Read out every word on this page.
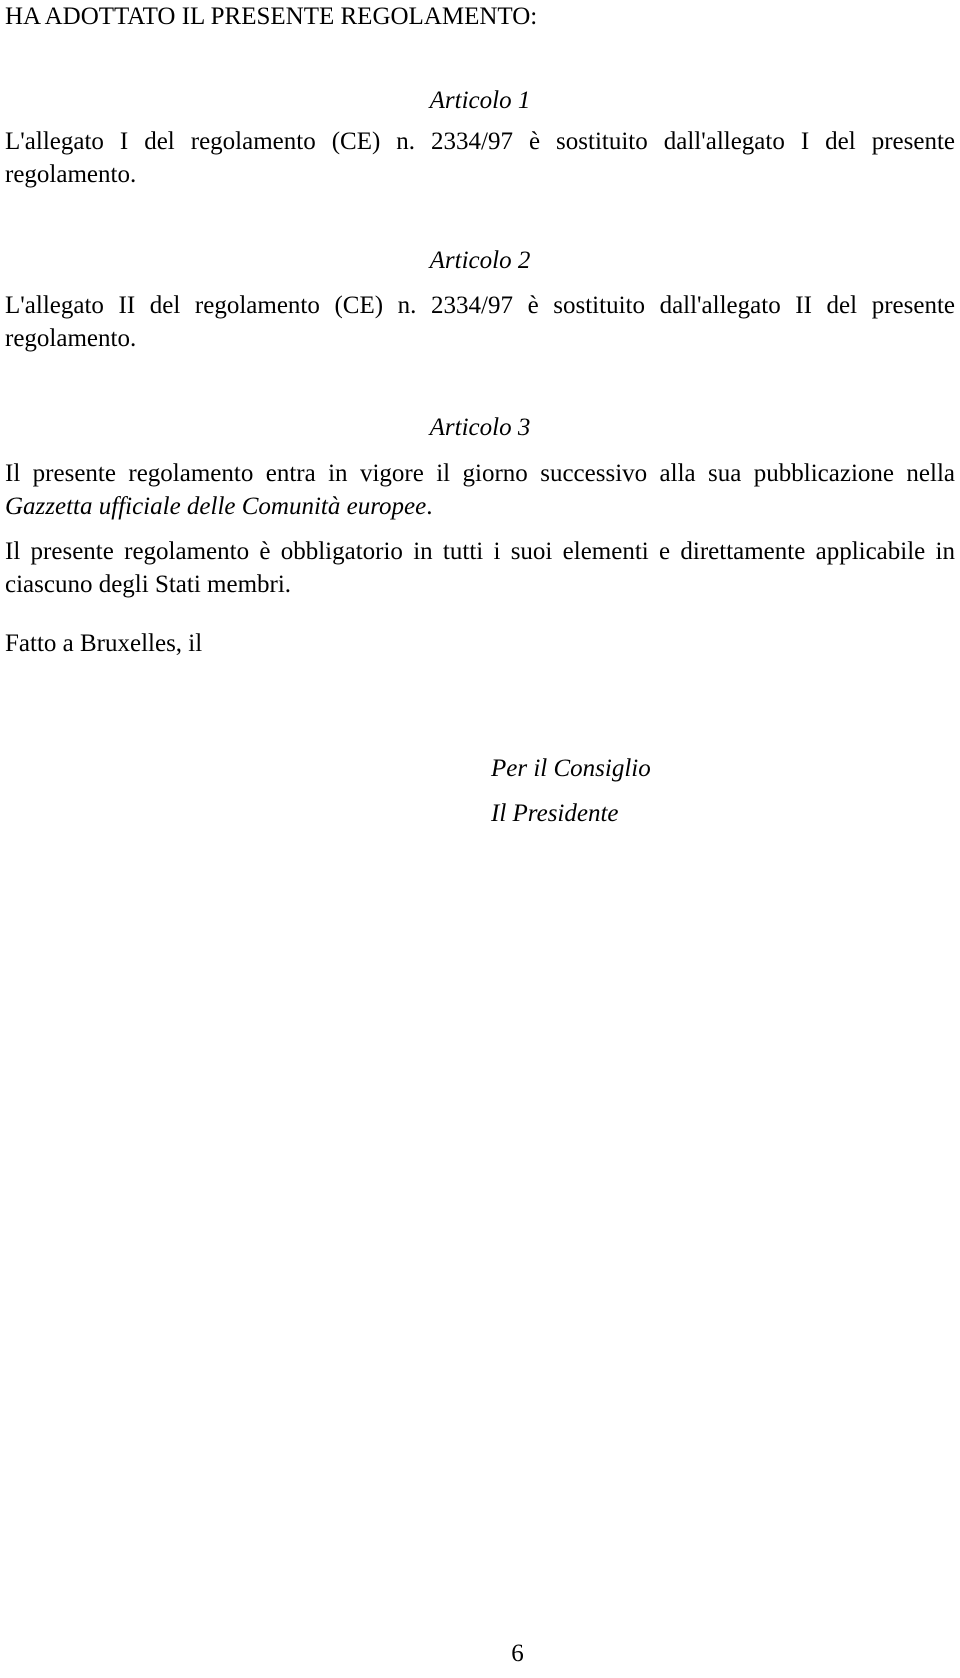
HA ADOTTATO IL PRESENTE REGOLAMENTO:
Articolo 1

L'allegato I del regolamento (CE) n. 2334/97 è sostituito dall'allegato I del presente regolamento.

Articolo 2

L'allegato II del regolamento (CE) n. 2334/97 è sostituito dall'allegato II del presente regolamento.

Articolo 3

Il presente regolamento entra in vigore il giorno successivo alla sua pubblicazione nella Gazzetta ufficiale delle Comunità europee.

Il presente regolamento è obbligatorio in tutti i suoi elementi e direttamente applicabile in ciascuno degli Stati membri.

Fatto a Bruxelles, il
Per il Consiglio
Il Presidente
6
